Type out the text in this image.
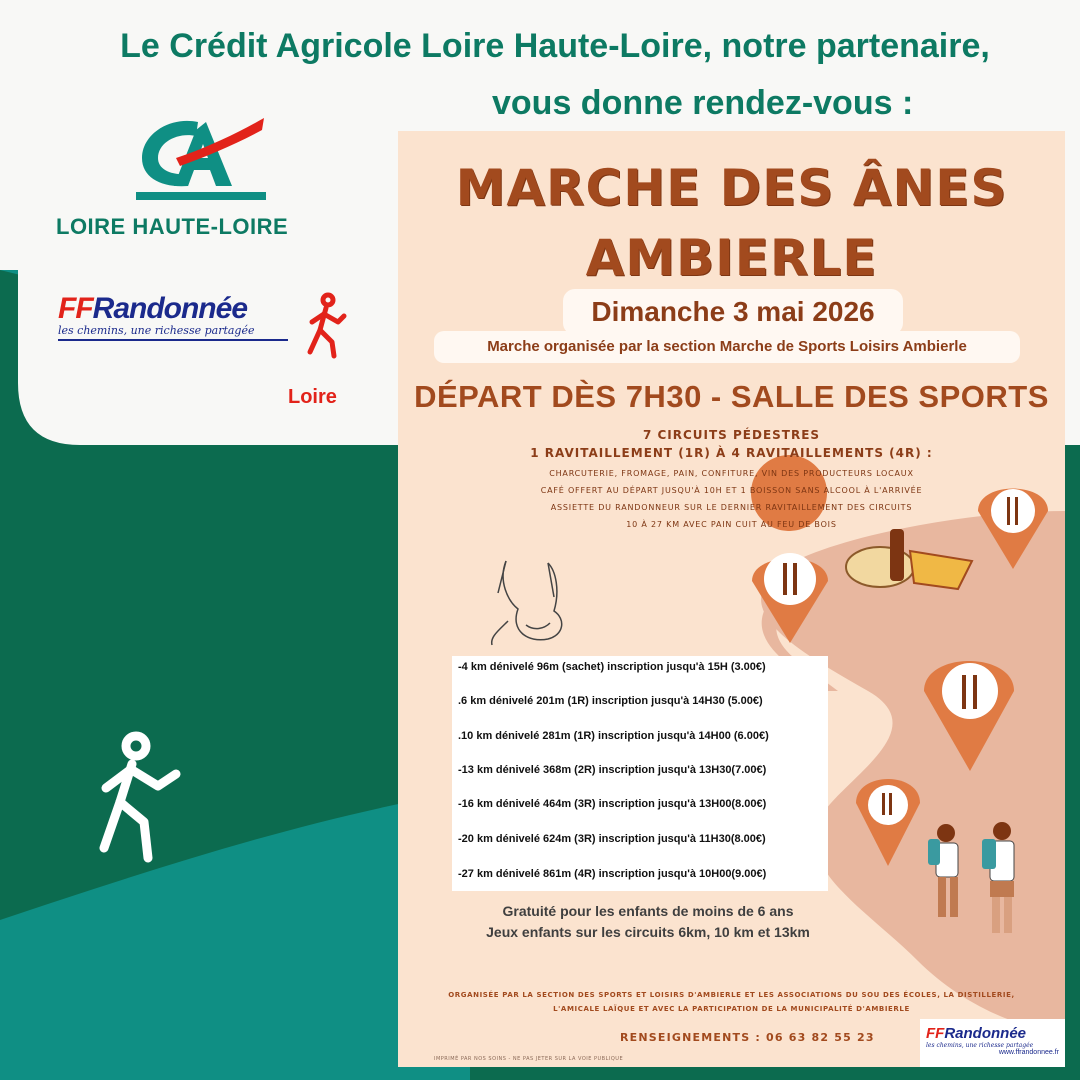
Le Crédit Agricole Loire Haute-Loire, notre partenaire,
vous donne rendez-vous :
LOIRE HAUTE-LOIRE
FFRandonnée
les chemins, une richesse partagée
Loire
MARCHE DES ÂNES
AMBIERLE
Dimanche 3 mai 2026
Marche organisée par la section Marche de Sports Loisirs Ambierle
DÉPART DÈS 7H30 - SALLE DES SPORTS
7 CIRCUITS PÉDESTRES
1 RAVITAILLEMENT (1R) À 4 RAVITAILLEMENTS (4R) :
CHARCUTERIE, FROMAGE, PAIN, CONFITURE, VIN DES PRODUCTEURS LOCAUX
CAFÉ OFFERT AU DÉPART JUSQU'À 10H ET 1 BOISSON SANS ALCOOL À L'ARRIVÉE
ASSIETTE DU RANDONNEUR SUR LE DERNIER RAVITAILLEMENT DES CIRCUITS
10 À 27 KM AVEC PAIN CUIT AU FEU DE BOIS
-4 km dénivelé 96m (sachet) inscription jusqu'à 15H (3.00€)
.6 km dénivelé 201m (1R) inscription jusqu'à 14H30 (5.00€)
.10 km dénivelé 281m (1R) inscription jusqu'à 14H00 (6.00€)
-13 km dénivelé 368m (2R) inscription jusqu'à 13H30(7.00€)
-16 km dénivelé 464m (3R) inscription jusqu'à 13H00(8.00€)
-20 km dénivelé 624m (3R) inscription jusqu'à 11H30(8.00€)
-27 km dénivelé 861m (4R) inscription jusqu'à 10H00(9.00€)
Gratuité pour les enfants de moins de 6 ans
Jeux enfants sur les circuits 6km, 10 km et 13km
ORGANISÉE PAR LA SECTION DES SPORTS ET LOISIRS D'AMBIERLE ET LES ASSOCIATIONS DU SOU DES ÉCOLES, LA DISTILLERIE,
L'AMICALE LAÏQUE ET AVEC LA PARTICIPATION DE LA MUNICIPALITÉ D'AMBIERLE
RENSEIGNEMENTS : 06 63 82 55 23
IMPRIMÉ PAR NOS SOINS - NE PAS JETER SUR LA VOIE PUBLIQUE
FFRandonnée
les chemins, une richesse partagée
www.ffrandonnee.fr
